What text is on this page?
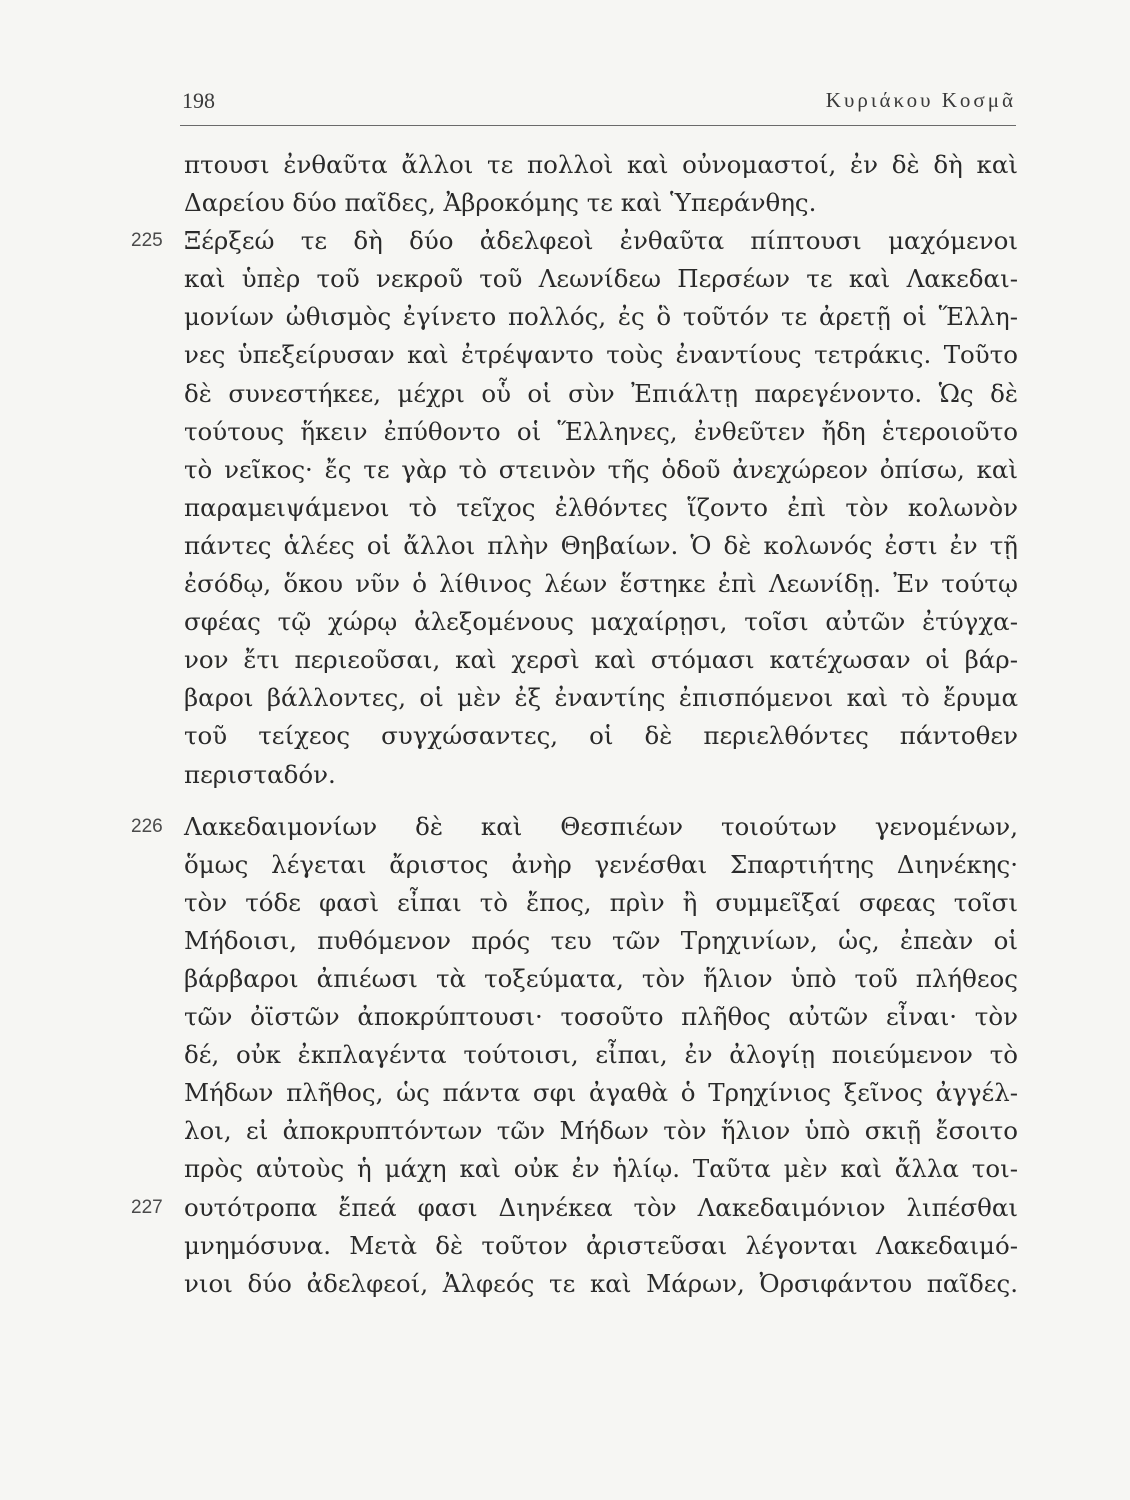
198	Κυριάκου Κοσμᾶ
πτουσι ἐνθαῦτα ἄλλοι τε πολλοὶ καὶ οὐνομαστοί, ἐν δὲ δὴ καὶ
Δαρείου δύο παῖδες, Ἀβροκόμης τε καὶ Ὑπεράνθης.
Ξέρξεώ τε δὴ δύο ἀδελφεοὶ ἐνθαῦτα πίπτουσι μαχόμενοι
225
καὶ ὑπὲρ τοῦ νεκροῦ τοῦ Λεωνίδεω Περσέων τε καὶ Λακεδαι-
μονίων ὠθισμὸς ἐγίνετο πολλός, ἐς ὃ τοῦτόν τε ἀρετῇ οἱ Ἕλλη-
νες ὑπεξείρυσαν καὶ ἐτρέψαντο τοὺς ἐναντίους τετράκις. Τοῦτο
δὲ συνεστήκεε, μέχρι οὗ οἱ σὺν Ἐπιάλτῃ παρεγένοντο. Ὡς δὲ
τούτους ἥκειν ἐπύθοντο οἱ Ἕλληνες, ἐνθεῦτεν ἤδη ἑτεροιοῦτο
τὸ νεῖκος· ἔς τε γὰρ τὸ στεινὸν τῆς ὁδοῦ ἀνεχώρεον ὀπίσω, καὶ
παραμειψάμενοι τὸ τεῖχος ἐλθόντες ἵζοντο ἐπὶ τὸν κολωνὸν
πάντες ἁλέες οἱ ἄλλοι πλὴν Θηβαίων. Ὁ δὲ κολωνός ἐστι ἐν τῇ
ἐσόδῳ, ὅκου νῦν ὁ λίθινος λέων ἕστηκε ἐπὶ Λεωνίδῃ. Ἐν τούτῳ
σφέας τῷ χώρῳ ἀλεξομένους μαχαίρῃσι, τοῖσι αὐτῶν ἐτύγχα-
νον ἔτι περιεοῦσαι, καὶ χερσὶ καὶ στόμασι κατέχωσαν οἱ βάρ-
βαροι βάλλοντες, οἱ μὲν ἐξ ἐναντίης ἐπισπόμενοι καὶ τὸ ἔρυμα
τοῦ τείχεος συγχώσαντες, οἱ δὲ περιελθόντες πάντοθεν
περισταδόν.
Λακεδαιμονίων δὲ καὶ Θεσπιέων τοιούτων γενομένων,
226
ὅμως λέγεται ἄριστος ἀνὴρ γενέσθαι Σπαρτιήτης Διηνέκης·
τὸν τόδε φασὶ εἶπαι τὸ ἔπος, πρὶν ἢ συμμεῖξαί σφεας τοῖσι
Μήδοισι, πυθόμενον πρός τευ τῶν Τρηχινίων, ὡς, ἐπεὰν οἱ
βάρβαροι ἀπιέωσι τὰ τοξεύματα, τὸν ἥλιον ὑπὸ τοῦ πλήθεος
τῶν ὀϊστῶν ἀποκρύπτουσι· τοσοῦτο πλῆθος αὐτῶν εἶναι· τὸν
δέ, οὐκ ἐκπλαγέντα τούτοισι, εἶπαι, ἐν ἀλογίῃ ποιεύμενον τὸ
Μήδων πλῆθος, ὡς πάντα σφι ἀγαθὰ ὁ Τρηχίνιος ξεῖνος ἀγγέλ-
λοι, εἰ ἀποκρυπτόντων τῶν Μήδων τὸν ἥλιον ὑπὸ σκιῇ ἔσοιτο
πρὸς αὐτοὺς ἡ μάχη καὶ οὐκ ἐν ἡλίῳ. Ταῦτα μὲν καὶ ἄλλα τοι-
ουτότροπα ἔπεά φασι Διηνέκεα τὸν Λακεδαιμόνιον λιπέσθαι
227
μνημόσυνα. Μετὰ δὲ τοῦτον ἀριστεῦσαι λέγονται Λακεδαιμό-
νιοι δύο ἀδελφεοί, Ἀλφεός τε καὶ Μάρων, Ὀρσιφάντου παῖδες.
